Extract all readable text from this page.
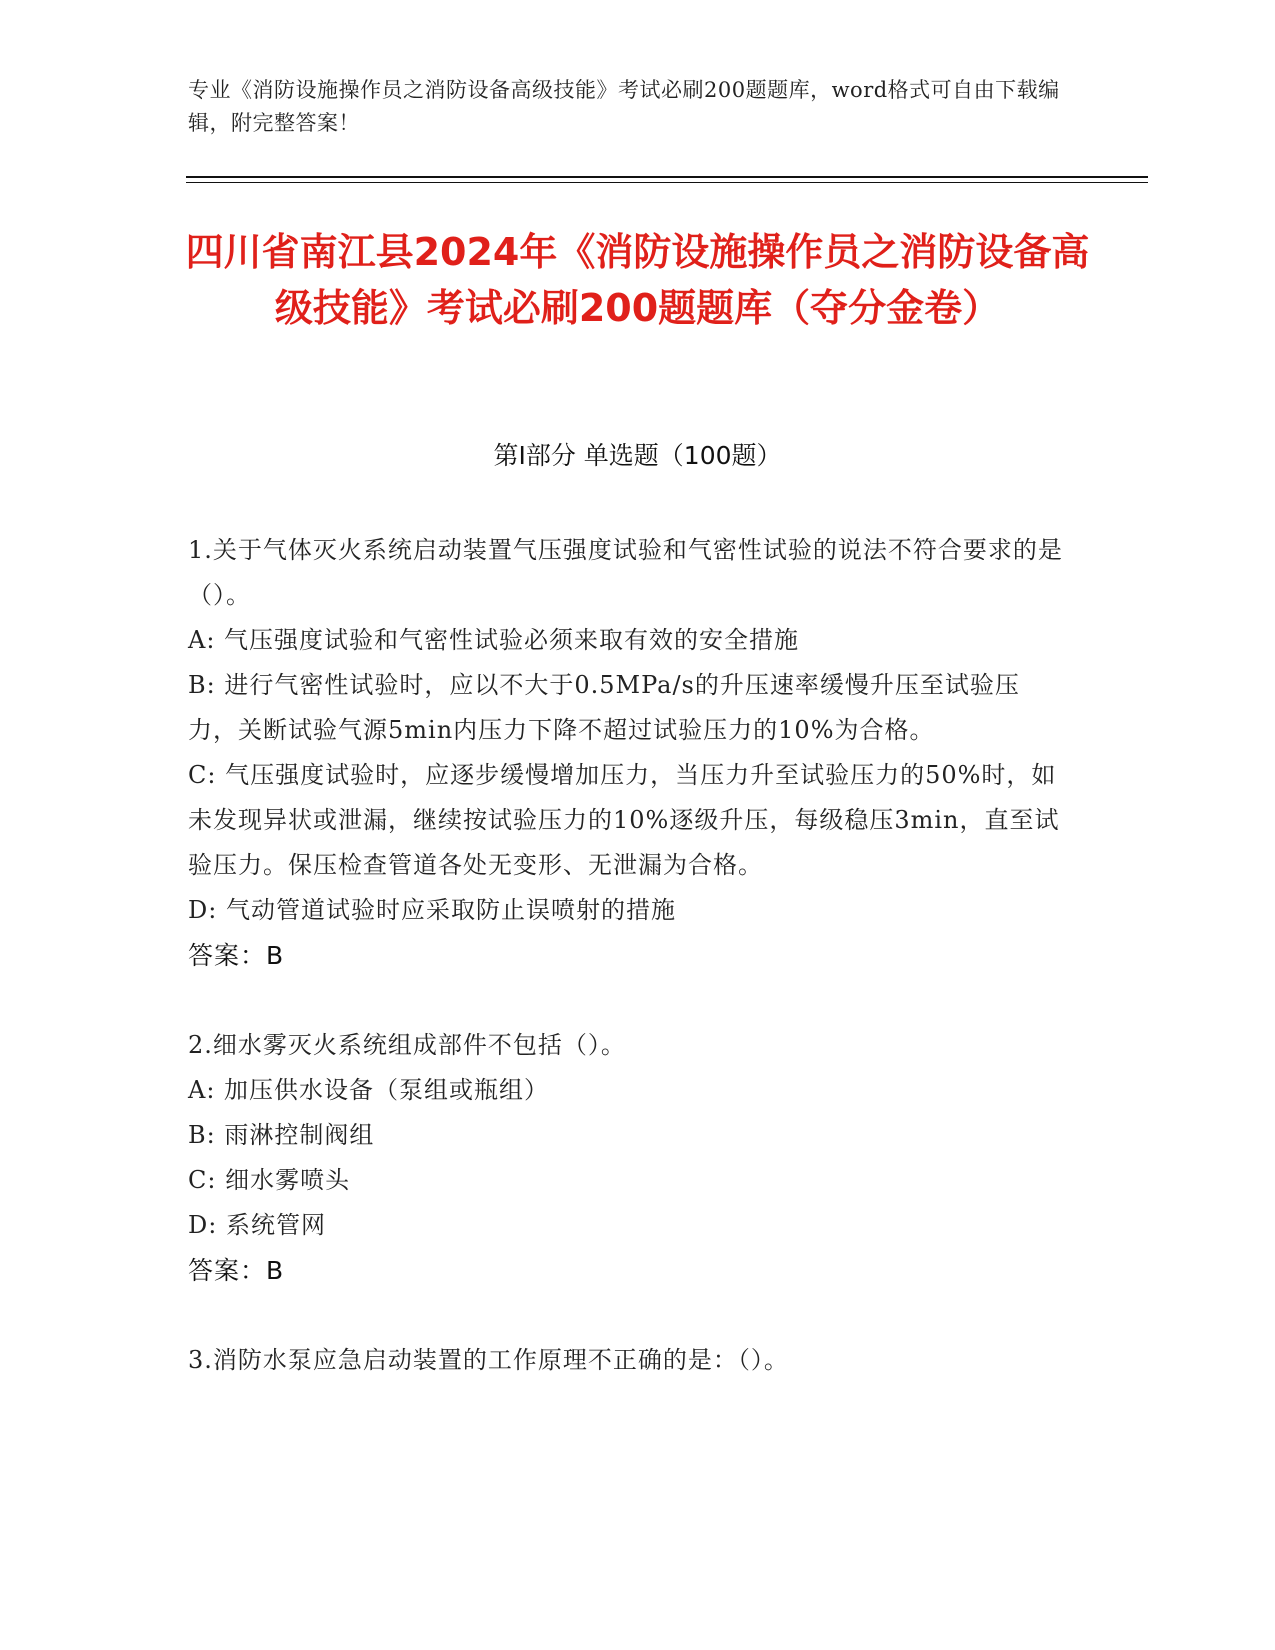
专业《消防设施操作员之消防设备高级技能》考试必刷200题题库，word格式可自由下载编辑，附完整答案！
四川省南江县2024年《消防设施操作员之消防设备高级技能》考试必刷200题题库（夺分金卷）
第Ⅰ部分 单选题（100题）

1.关于气体灭火系统启动装置气压强度试验和气密性试验的说法不符合要求的是（）。

A: 气压强度试验和气密性试验必须来取有效的安全措施

B: 进行气密性试验时，应以不大于0.5MPa/s的升压速率缓慢升压至试验压力，关断试验气源5min内压力下降不超过试验压力的10%为合格。

C: 气压强度试验时，应逐步缓慢增加压力，当压力升至试验压力的50%时，如未发现异状或泄漏，继续按试验压力的10%逐级升压，每级稳压3min，直至试验压力。保压检查管道各处无变形、无泄漏为合格。

D: 气动管道试验时应采取防止误喷射的措施

答案：B

2.细水雾灭火系统组成部件不包括（）。

A: 加压供水设备（泵组或瓶组）

B: 雨淋控制阀组

C: 细水雾喷头

D: 系统管网

答案：B

3.消防水泵应急启动装置的工作原理不正确的是：（）。
